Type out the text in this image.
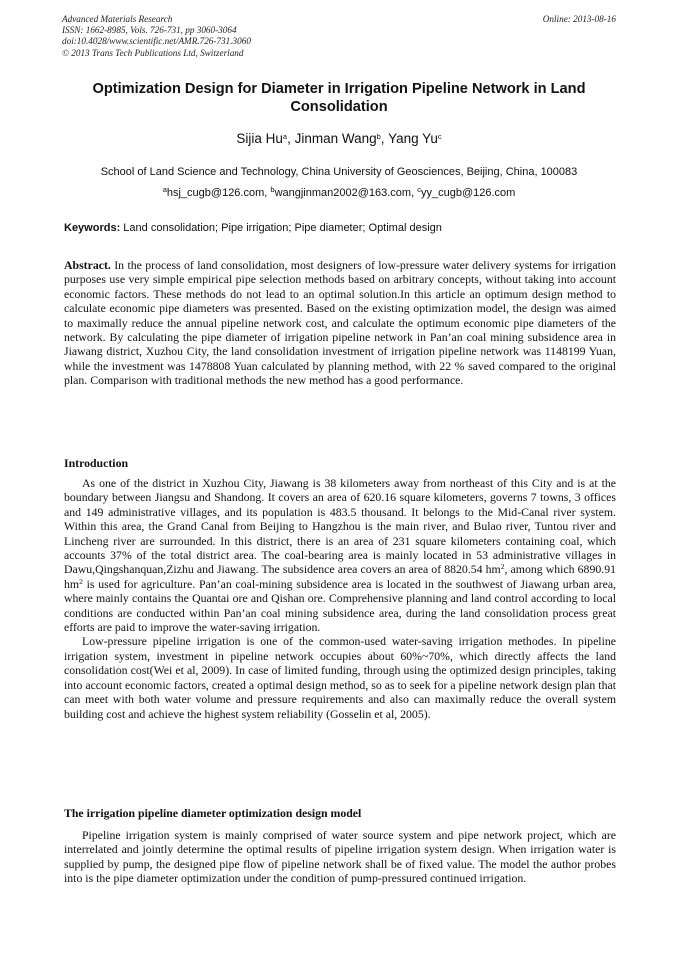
Advanced Materials Research
ISSN: 1662-8985, Vols. 726-731, pp 3060-3064
doi:10.4028/www.scientific.net/AMR.726-731.3060
© 2013 Trans Tech Publications Ltd, Switzerland
Online: 2013-08-16
Optimization Design for Diameter in Irrigation Pipeline Network in Land Consolidation
Sijia Hu$^a$, Jinman Wang$^b$, Yang Yu$^c$
School of Land Science and Technology, China University of Geosciences, Beijing, China, 100083
$^a$hsj_cugb@126.com, $^b$wangjinman2002@163.com, $^c$yy_cugb@126.com
Keywords: Land consolidation; Pipe irrigation; Pipe diameter; Optimal design

Abstract. In the process of land consolidation, most designers of low-pressure water delivery systems for irrigation purposes use very simple empirical pipe selection methods based on arbitrary concepts, without taking into account economic factors. These methods do not lead to an optimal solution.In this article an optimum design method to calculate economic pipe diameters was presented. Based on the existing optimization model, the design was aimed to maximally reduce the annual pipeline network cost, and calculate the optimum economic pipe diameters of the network. By calculating the pipe diameter of irrigation pipeline network in Pan’an coal mining subsidence area in Jiawang district, Xuzhou City, the land consolidation investment of irrigation pipeline network was 1148199 Yuan, while the investment was 1478808 Yuan calculated by planning method, with 22 % saved compared to the original plan. Comparison with traditional methods the new method has a good performance.

Introduction

As one of the district in Xuzhou City, Jiawang is 38 kilometers away from northeast of this City and is at the boundary between Jiangsu and Shandong. It covers an area of 620.16 square kilometers, governs 7 towns, 3 offices and 149 administrative villages, and its population is 483.5 thousand. It belongs to the Mid-Canal river system. Within this area, the Grand Canal from Beijing to Hangzhou is the main river, and Bulao river, Tuntou river and Lincheng river are surrounded. In this district, there is an area of 231 square kilometers containing coal, which accounts 37% of the total district area. The coal-bearing area is mainly located in 53 administrative villages in Dawu,Qingshanquan,Zizhu and Jiawang. The subsidence area covers an area of 8820.54 $hm^2$, among which 6890.91 $hm^2$ is used for agriculture. Pan’an coal-mining subsidence area is located in the southwest of Jiawang urban area, where mainly contains the Quantai ore and Qishan ore. Comprehensive planning and land control according to local conditions are conducted within Pan’an coal mining subsidence area, during the land consolidation process great efforts are paid to improve the water-saving irrigation.

Low-pressure pipeline irrigation is one of the common-used water-saving irrigation methodes. In pipeline irrigation system, investment in pipeline network occupies about 60%~70%, which directly affects the land consolidation cost(Wei et al, 2009). In case of limited funding, through using the optimized design principles, taking into account economic factors, created a optimal design method, so as to seek for a pipeline network design plan that can meet with both water volume and pressure requirements and also can maximally reduce the overall system building cost and achieve the highest system reliability (Gosselin et al, 2005).

The irrigation pipeline diameter optimization design model

Pipeline irrigation system is mainly comprised of water source system and pipe network project, which are interrelated and jointly determine the optimal results of pipeline irrigation system design. When irrigation water is supplied by pump, the designed pipe flow of pipeline network shall be of fixed value. The model the author probes into is the pipe diameter optimization under the condition of pump-pressured continued irrigation.
